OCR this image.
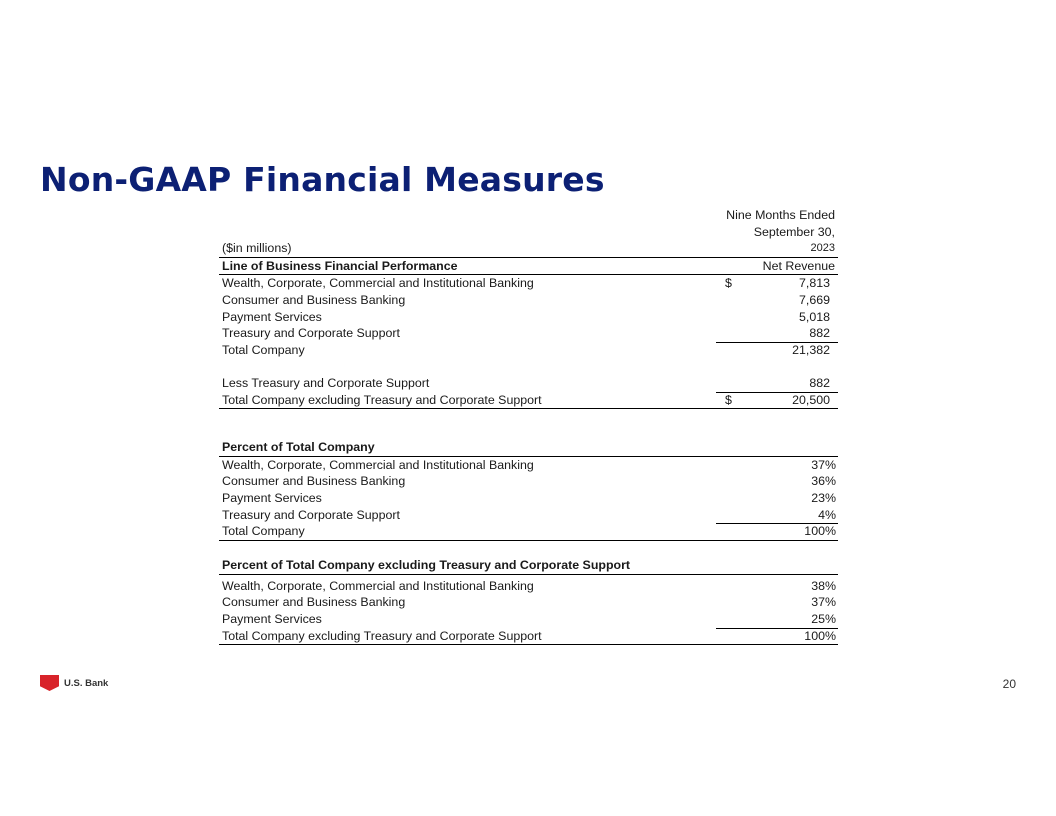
Non-GAAP Financial Measures
Nine Months Ended
September 30,
($in millions)	2023
Line of Business Financial Performance	Net Revenue
Wealth, Corporate, Commercial and Institutional Banking	$	7,813
Consumer and Business Banking	7,669
Payment Services	5,018
Treasury and Corporate Support	882
Total Company	21,382
Less Treasury and Corporate Support	882
Total Company excluding Treasury and Corporate Support	$	20,500
Percent of Total Company
Wealth, Corporate, Commercial and Institutional Banking	37%
Consumer and Business Banking	36%
Payment Services	23%
Treasury and Corporate Support	4%
Total Company	100%
Percent of Total Company excluding Treasury and Corporate Support
Wealth, Corporate, Commercial and Institutional Banking	38%
Consumer and Business Banking	37%
Payment Services	25%
Total Company excluding Treasury and Corporate Support	100%
U.S. Bank	20
